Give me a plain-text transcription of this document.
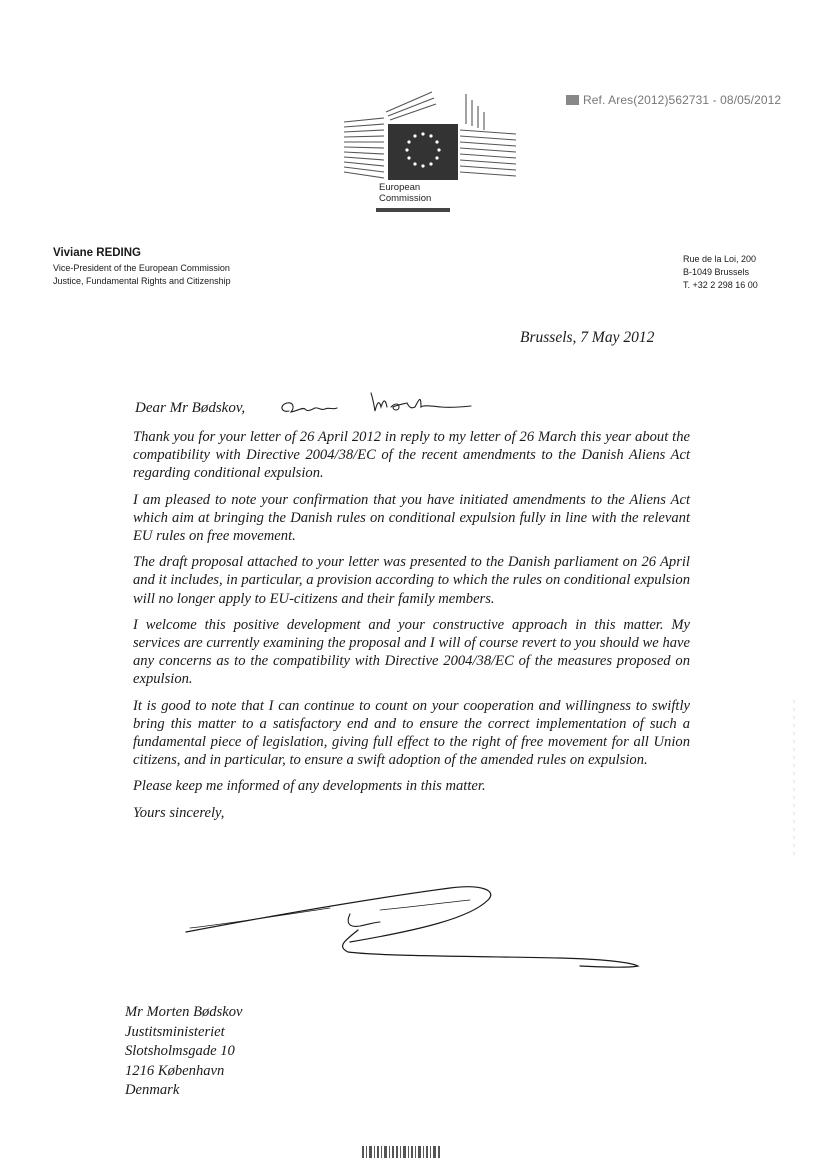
Ref. Ares(2012)562731 - 08/05/2012
European
Commission
Viviane REDING
Vice-President of the European Commission
Justice, Fundamental Rights and Citizenship
Rue de la Loi, 200
B-1049 Brussels
T. +32 2 298 16 00
Brussels, 7 May 2012
Dear Mr Bødskov,

Thank you for your letter of 26 April 2012 in reply to my letter of 26 March this year about the compatibility with Directive 2004/38/EC of the recent amendments to the Danish Aliens Act regarding conditional expulsion.

I am pleased to note your confirmation that you have initiated amendments to the Aliens Act which aim at bringing the Danish rules on conditional expulsion fully in line with the relevant EU rules on free movement.

The draft proposal attached to your letter was presented to the Danish parliament on 26 April and it includes, in particular, a provision according to which the rules on conditional expulsion will no longer apply to EU-citizens and their family members.

I welcome this positive development and your constructive approach in this matter. My services are currently examining the proposal and I will of course revert to you should we have any concerns as to the compatibility with Directive 2004/38/EC of the measures proposed on expulsion.

It is good to note that I can continue to count on your cooperation and willingness to swiftly bring this matter to a satisfactory end and to ensure the correct implementation of such a fundamental piece of legislation, giving full effect to the right of free movement for all Union citizens, and in particular, to ensure a swift adoption of the amended rules on expulsion.

Please keep me informed of any developments in this matter.

Yours sincerely,

Mr Morten Bødskov
Justitsministeriet
Slotsholmsgade 10
1216 København
Denmark
